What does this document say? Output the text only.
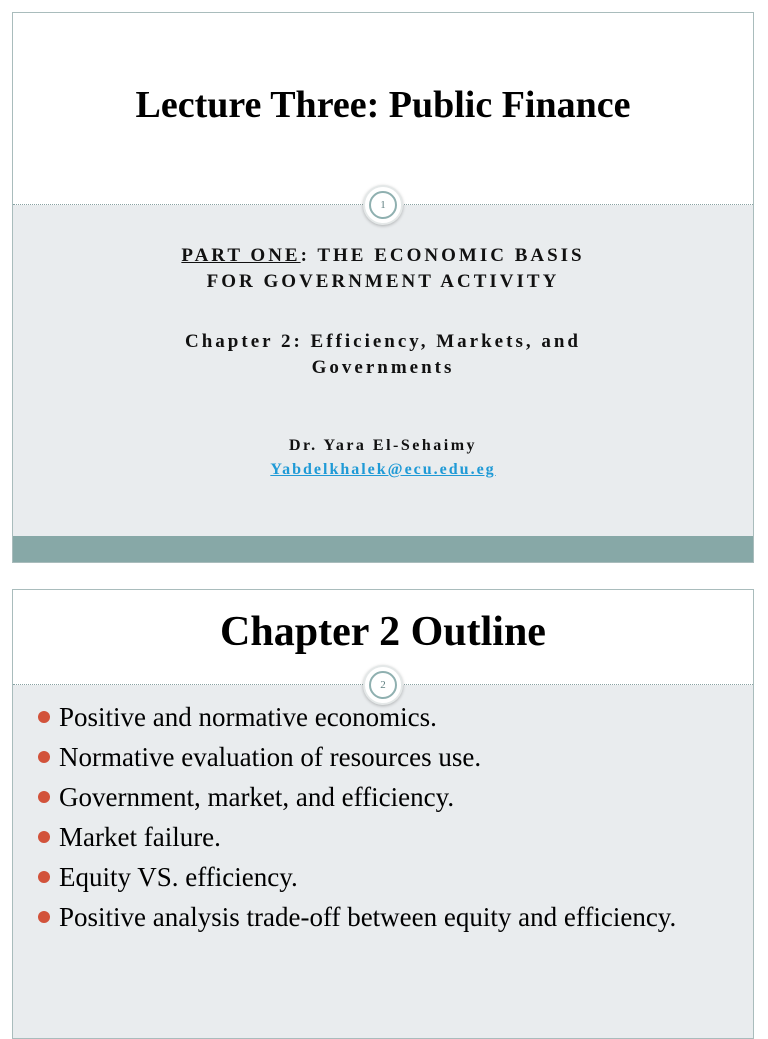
Lecture Three: Public Finance
1
PART ONE: THE ECONOMIC BASIS
FOR GOVERNMENT ACTIVITY
Chapter 2: Efficiency, Markets, and
Governments
Dr. Yara El-Sehaimy
Yabdelkhalek@ecu.edu.eg
Chapter 2 Outline
2
Positive and normative economics.
Normative evaluation of resources use.
Government, market, and efficiency.
Market failure.
Equity VS. efficiency.
Positive analysis trade-off between equity and efficiency.
